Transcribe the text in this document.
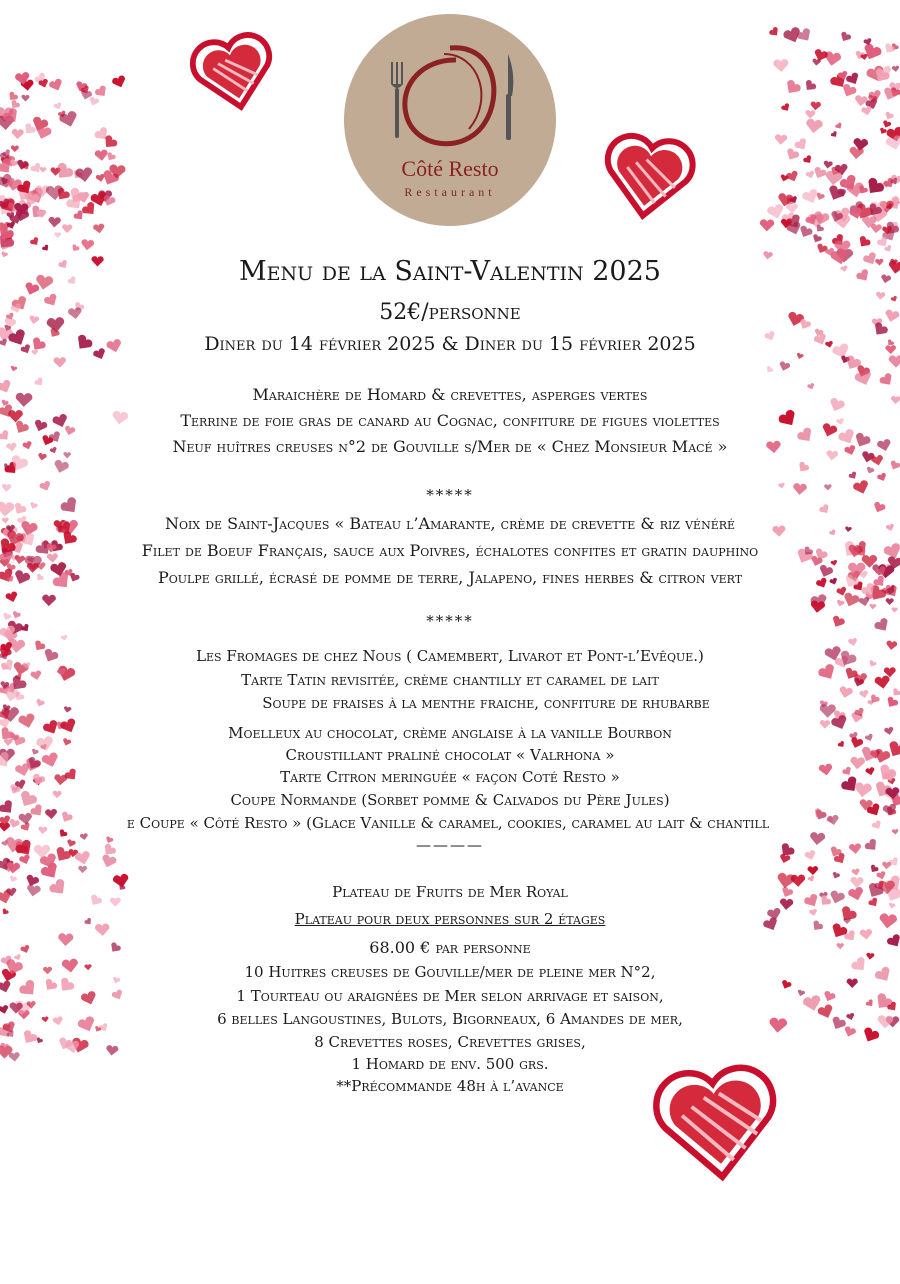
Côté Resto
Restaurant
Menu de la Saint-Valentin 2025
52€/personne
Diner du 14 février 2025 & Diner du 15 février 2025
Maraichère de Homard & crevettes, asperges vertes
Terrine de foie gras de canard au Cognac, confiture de figues violettes
Neuf huîtres creuses n°2 de Gouville s/Mer de « Chez Monsieur Macé »
*****
Noix de Saint-Jacques « Bateau l’Amarante, crème de crevette & riz vénéré
Filet de Boeuf Français, sauce aux Poivres, échalotes confites et gratin dauphino
Poulpe grillé, écrasé de pomme de terre, Jalapeno, fines herbes & citron vert
*****
Les Fromages de chez Nous ( Camembert, Livarot et Pont-l’Evêque.)
Tarte Tatin revisitée, crème chantilly et caramel de lait
Soupe de fraises à la menthe fraiche, confiture de rhubarbe
Moelleux au chocolat, crème anglaise à la vanille Bourbon
Croustillant praliné chocolat « Valrhona »
Tarte Citron meringuée « façon Coté Resto »
Coupe Normande (Sorbet pomme & Calvados du Père Jules)
e Coupe « Côté Resto » (Glace Vanille & caramel, cookies, caramel au lait & chantill
————
Plateau de Fruits de Mer Royal
Plateau pour deux personnes sur 2 étages
68.00 € par personne
10 Huitres creuses de Gouville/mer de pleine mer N°2,
1 Tourteau ou araignées de Mer selon arrivage et saison,
6 belles Langoustines, Bulots, Bigorneaux, 6 Amandes de mer,
8 Crevettes roses, Crevettes grises,
1 Homard de env. 500 grs.
**Précommande 48h à l’avance
